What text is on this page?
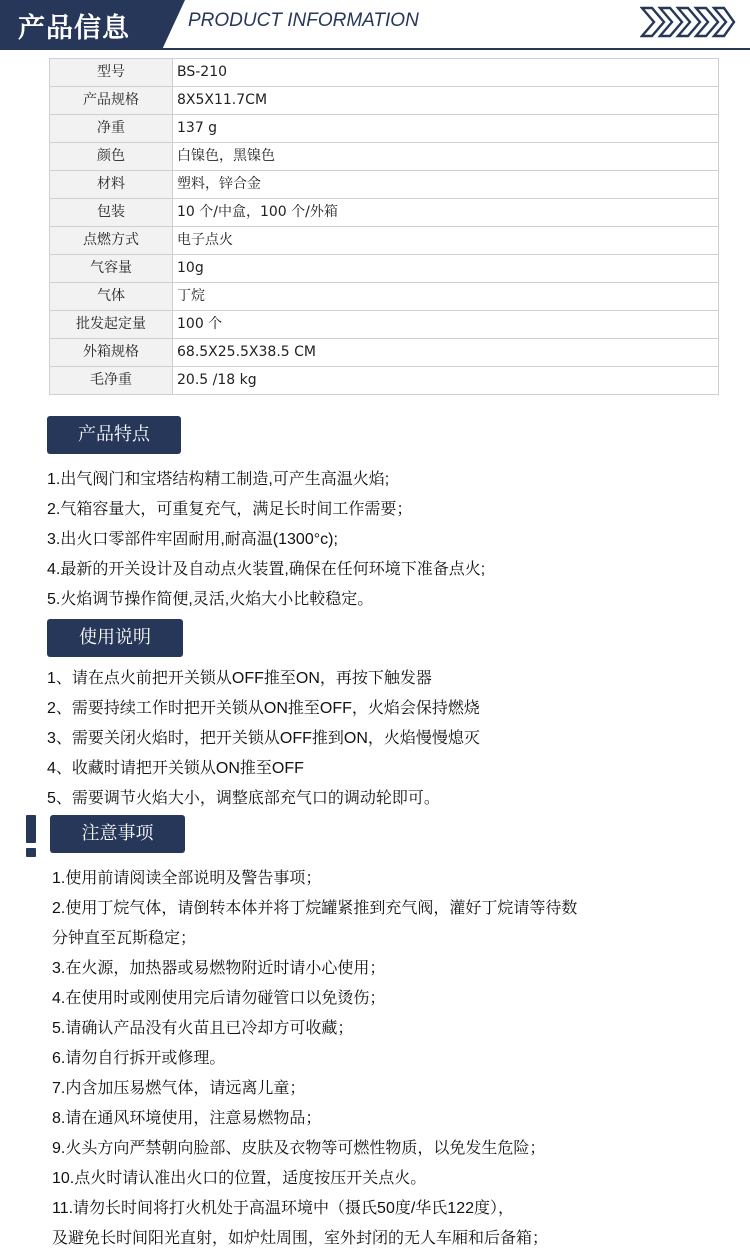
产品信息	PRODUCT INFORMATION
型号	BS-210
产品规格	8X5X11.7CM
净重	137 g
颜色	白镍色，黑镍色
材料	塑料，锌合金
包装	10 个/中盒，100 个/外箱
点燃方式	电子点火
气容量	10g
气体	丁烷
批发起定量	100 个
外箱规格	68.5X25.5X38.5 CM
毛净重	20.5 /18 kg
产品特点
1.出气阀门和宝塔结构精工制造,可产生高温火焰;
2.气箱容量大，可重复充气，满足长时间工作需要；
3.出火口零部件牢固耐用,耐高温(1300°c);
4.最新的开关设计及自动点火装置,确保在任何环境下准备点火;
5.火焰调节操作简便,灵活,火焰大小比較稳定。
使用说明
1、请在点火前把开关锁从OFF推至ON，再按下触发器
2、需要持续工作时把开关锁从ON推至OFF，火焰会保持燃烧
3、需要关闭火焰时，把开关锁从OFF推到ON，火焰慢慢熄灭
4、收藏时请把开关锁从ON推至OFF
5、需要调节火焰大小，调整底部充气口的调动轮即可。
注意事项
1.使用前请阅读全部说明及警告事项；
2.使用丁烷气体，请倒转本体并将丁烷罐紧推到充气阀，灌好丁烷请等待数
分钟直至瓦斯稳定；
3.在火源，加热器或易燃物附近时请小心使用；
4.在使用时或刚使用完后请勿碰管口以免烫伤；
5.请确认产品没有火苗且已冷却方可收藏；
6.请勿自行拆开或修理。
7.内含加压易燃气体，请远离儿童；
8.请在通风环境使用，注意易燃物品；
9.火头方向严禁朝向脸部、皮肤及衣物等可燃性物质，以免发生危险；
10.点火时请认准出火口的位置，适度按压开关点火。
11.请勿长时间将打火机处于高温环境中（摄氏50度/华氏122度），
及避免长时间阳光直射，如炉灶周围，室外封闭的无人车厢和后备箱；
